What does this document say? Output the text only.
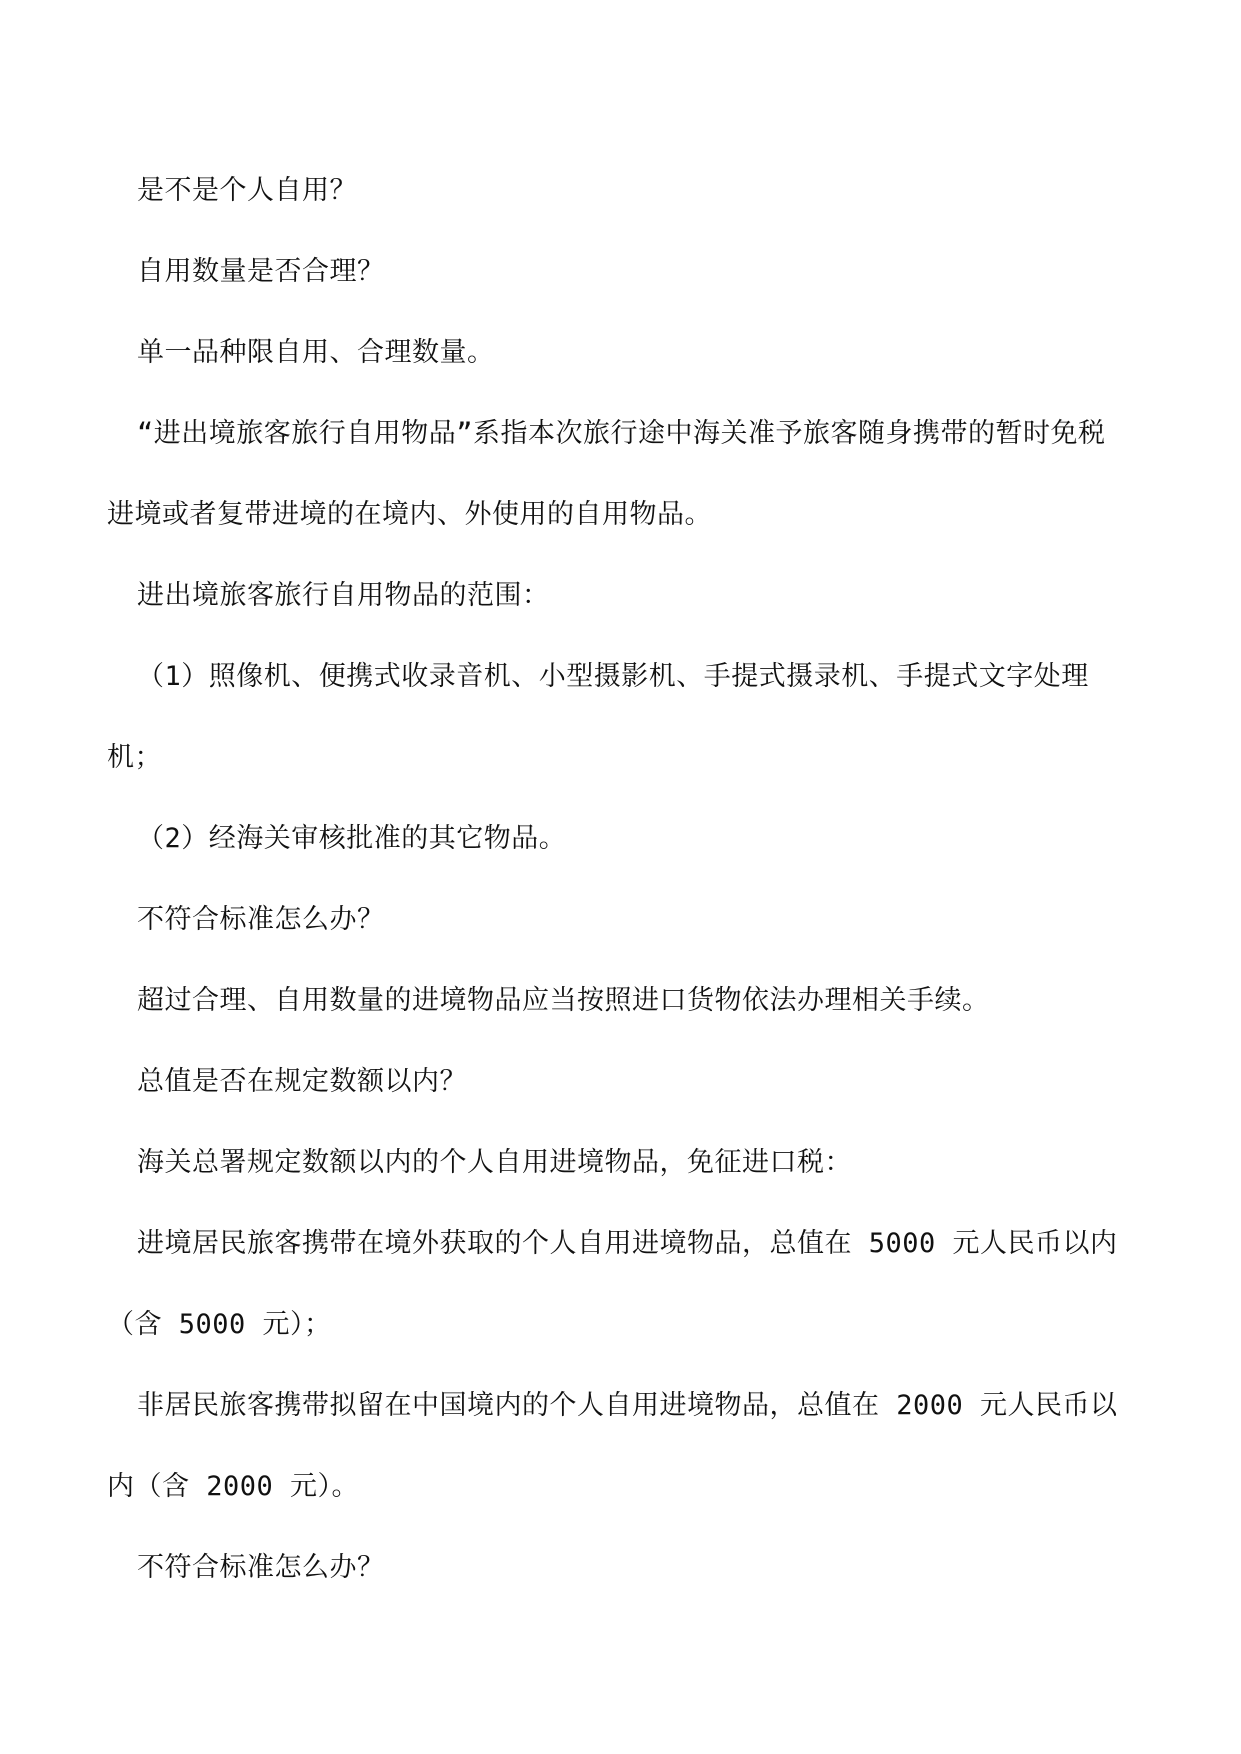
是不是个人自用？

自用数量是否合理？

单一品种限自用、合理数量。

“进出境旅客旅行自用物品”系指本次旅行途中海关准予旅客随身携带的暂时免税进境或者复带进境的在境内、外使用的自用物品。

进出境旅客旅行自用物品的范围：

（1）照像机、便携式收录音机、小型摄影机、手提式摄录机、手提式文字处理机；

（2）经海关审核批准的其它物品。

不符合标准怎么办？

超过合理、自用数量的进境物品应当按照进口货物依法办理相关手续。

总值是否在规定数额以内？

海关总署规定数额以内的个人自用进境物品，免征进口税：

进境居民旅客携带在境外获取的个人自用进境物品，总值在 5000 元人民币以内（含 5000 元）；

非居民旅客携带拟留在中国境内的个人自用进境物品，总值在 2000 元人民币以内（含 2000 元）。

不符合标准怎么办？
